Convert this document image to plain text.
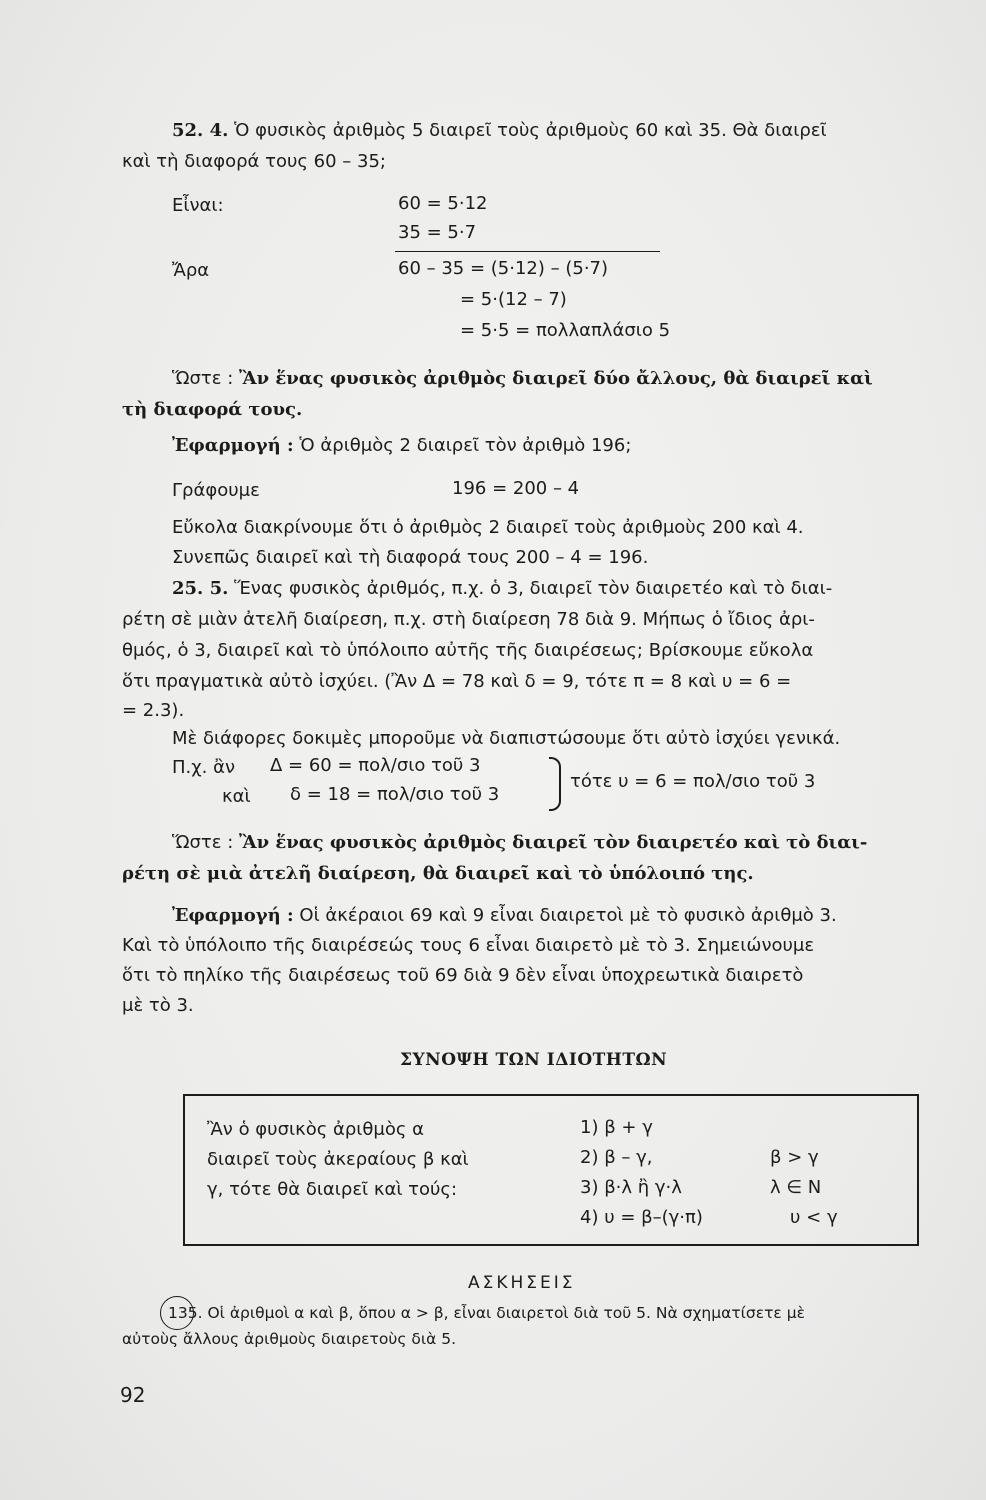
52. 4. Ὁ φυσικὸς ἀριθμὸς 5 διαιρεῖ τοὺς ἀριθμοὺς 60 καὶ 35. Θὰ διαιρεῖ
καὶ τὴ διαφορά τους 60 – 35;
Εἶναι:	60 = 5·12
35 = 5·7
Ἄρα	60 – 35 = (5·12) – (5·7)
= 5·(12 – 7)
= 5·5 = πολλαπλάσιο 5
Ὥστε : Ἂν ἕνας φυσικὸς ἀριθμὸς διαιρεῖ δύο ἄλλους, θὰ διαιρεῖ καὶ
τὴ διαφορά τους.
Ἐφαρμογή : Ὁ ἀριθμὸς 2 διαιρεῖ τὸν ἀριθμὸ 196;
Γράφουμε	196 = 200 – 4
Εὔκολα διακρίνουμε ὅτι ὁ ἀριθμὸς 2 διαιρεῖ τοὺς ἀριθμοὺς 200 καὶ 4.
Συνεπῶς διαιρεῖ καὶ τὴ διαφορά τους 200 – 4 = 196.
25. 5. Ἕνας φυσικὸς ἀριθμός, π.χ. ὁ 3, διαιρεῖ τὸν διαιρετέο καὶ τὸ διαι-
ρέτη σὲ μιὰν ἀτελῆ διαίρεση, π.χ. στὴ διαίρεση 78 διὰ 9. Μήπως ὁ ἴδιος ἀρι-
θμός, ὁ 3, διαιρεῖ καὶ τὸ ὑπόλοιπο αὐτῆς τῆς διαιρέσεως; Βρίσκουμε εὔκολα
ὅτι πραγματικὰ αὐτὸ ἰσχύει. (Ἂν Δ = 78 καὶ δ = 9, τότε π = 8 καὶ υ = 6 =
= 2.3).
Μὲ διάφορες δοκιμὲς μποροῦμε νὰ διαπιστώσουμε ὅτι αὐτὸ ἰσχύει γενικά.
Π.χ. ἂν Δ = 60 = πολ/σιο τοῦ 3
καὶ δ = 18 = πολ/σιο τοῦ 3
τότε υ = 6 = πολ/σιο τοῦ 3
Ὥστε : Ἂν ἕνας φυσικὸς ἀριθμὸς διαιρεῖ τὸν διαιρετέο καὶ τὸ διαι-
ρέτη σὲ μιὰ ἀτελῆ διαίρεση, θὰ διαιρεῖ καὶ τὸ ὑπόλοιπό της.
Ἐφαρμογή : Οἱ ἀκέραιοι 69 καὶ 9 εἶναι διαιρετοὶ μὲ τὸ φυσικὸ ἀριθμὸ 3.
Καὶ τὸ ὑπόλοιπο τῆς διαιρέσεώς τους 6 εἶναι διαιρετὸ μὲ τὸ 3. Σημειώνουμε
ὅτι τὸ πηλίκο τῆς διαιρέσεως τοῦ 69 διὰ 9 δὲν εἶναι ὑποχρεωτικὰ διαιρετὸ
μὲ τὸ 3.
ΣΥΝΟΨΗ ΤΩΝ ΙΔΙΟΤΗΤΩΝ
Ἂν ὁ φυσικὸς ἀριθμὸς α
διαιρεῖ τοὺς ἀκεραίους β καὶ
γ, τότε θὰ διαιρεῖ καὶ τούς:
1) β + γ
2) β – γ,	β > γ
3) β·λ ἢ γ·λ	λ ∈ N
4) υ = β–(γ·π)	υ < γ
ΑΣΚΗΣΕΙΣ
135. Οἱ ἀριθμοὶ α καὶ β, ὅπου α > β, εἶναι διαιρετοὶ διὰ τοῦ 5. Νὰ σχηματίσετε μὲ
αὐτοὺς ἄλλους ἀριθμοὺς διαιρετοὺς διὰ 5.
92
